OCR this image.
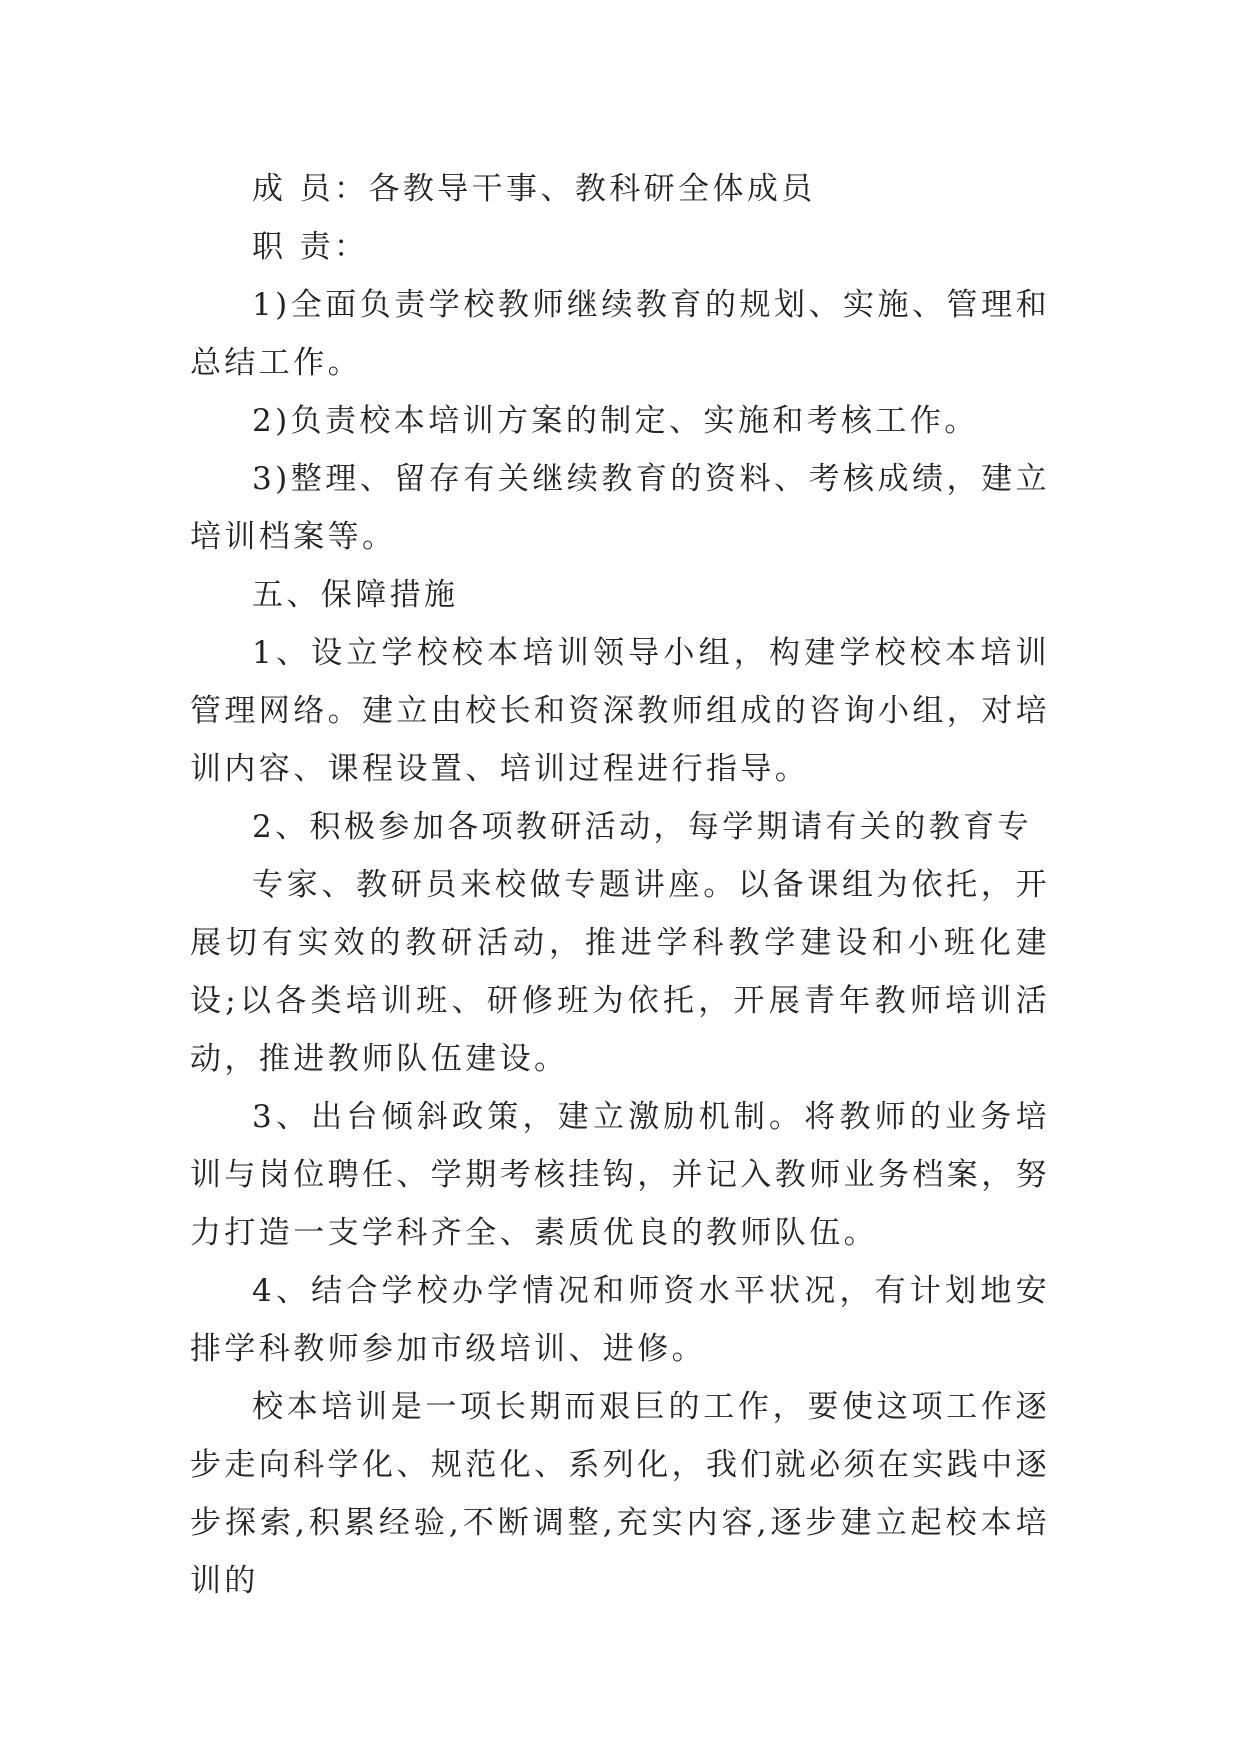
成 员：各教导干事、教科研全体成员

职 责：

1)全面负责学校教师继续教育的规划、实施、管理和总结工作。

2)负责校本培训方案的制定、实施和考核工作。

3)整理、留存有关继续教育的资料、考核成绩，建立培训档案等。

五、保障措施

1、设立学校校本培训领导小组，构建学校校本培训管理网络。建立由校长和资深教师组成的咨询小组，对培训内容、课程设置、培训过程进行指导。

2、积极参加各项教研活动，每学期请有关的教育专

专家、教研员来校做专题讲座。以备课组为依托，开展切有实效的教研活动，推进学科教学建设和小班化建设;以各类培训班、研修班为依托，开展青年教师培训活动，推进教师队伍建设。

3、出台倾斜政策，建立激励机制。将教师的业务培训与岗位聘任、学期考核挂钩，并记入教师业务档案，努力打造一支学科齐全、素质优良的教师队伍。

4、结合学校办学情况和师资水平状况，有计划地安排学科教师参加市级培训、进修。

校本培训是一项长期而艰巨的工作，要使这项工作逐步走向科学化、规范化、系列化，我们就必须在实践中逐步探索,积累经验,不断调整,充实内容,逐步建立起校本培训的
